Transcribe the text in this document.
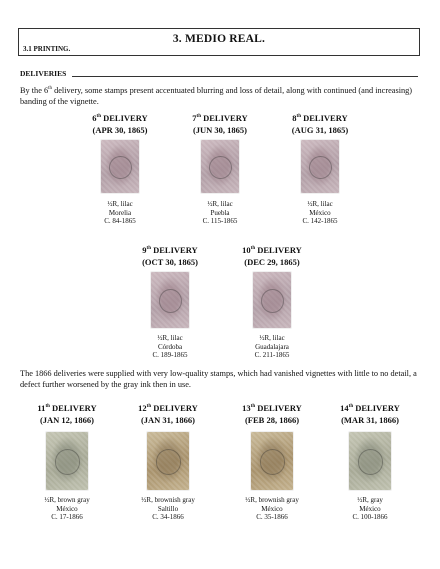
3. MEDIO REAL.
3.1 PRINTING.
DELIVERIES
By the 6th delivery, some stamps present accentuated blurring and loss of detail, along with continued (and increasing) banding of the vignette.
The 1866 deliveries were supplied with very low-quality stamps, which had vanished vignettes with little to no detail, a defect further worsened by the gray ink then in use.
6th DELIVERY
(APR 30, 1865)
½R, lilac
Morelia
C. 84-1865
7th DELIVERY
(JUN 30, 1865)
½R, lilac
Puebla
C. 115-1865
8th DELIVERY
(AUG 31, 1865)
½R, lilac
México
C. 142-1865
9th DELIVERY
(OCT 30, 1865)
½R, lilac
Córdoba
C. 189-1865
10th DELIVERY
(DEC 29, 1865)
½R, lilac
Guadalajara
C. 211-1865
11th DELIVERY
(JAN 12, 1866)
½R, brown gray
México
C. 17-1866
12th DELIVERY
(JAN 31, 1866)
½R, brownish gray
Saltillo
C. 34-1866
13th DELIVERY
(FEB 28, 1866)
½R, brownish gray
México
C. 35-1866
14th DELIVERY
(MAR 31, 1866)
½R, gray
México
C. 100-1866
